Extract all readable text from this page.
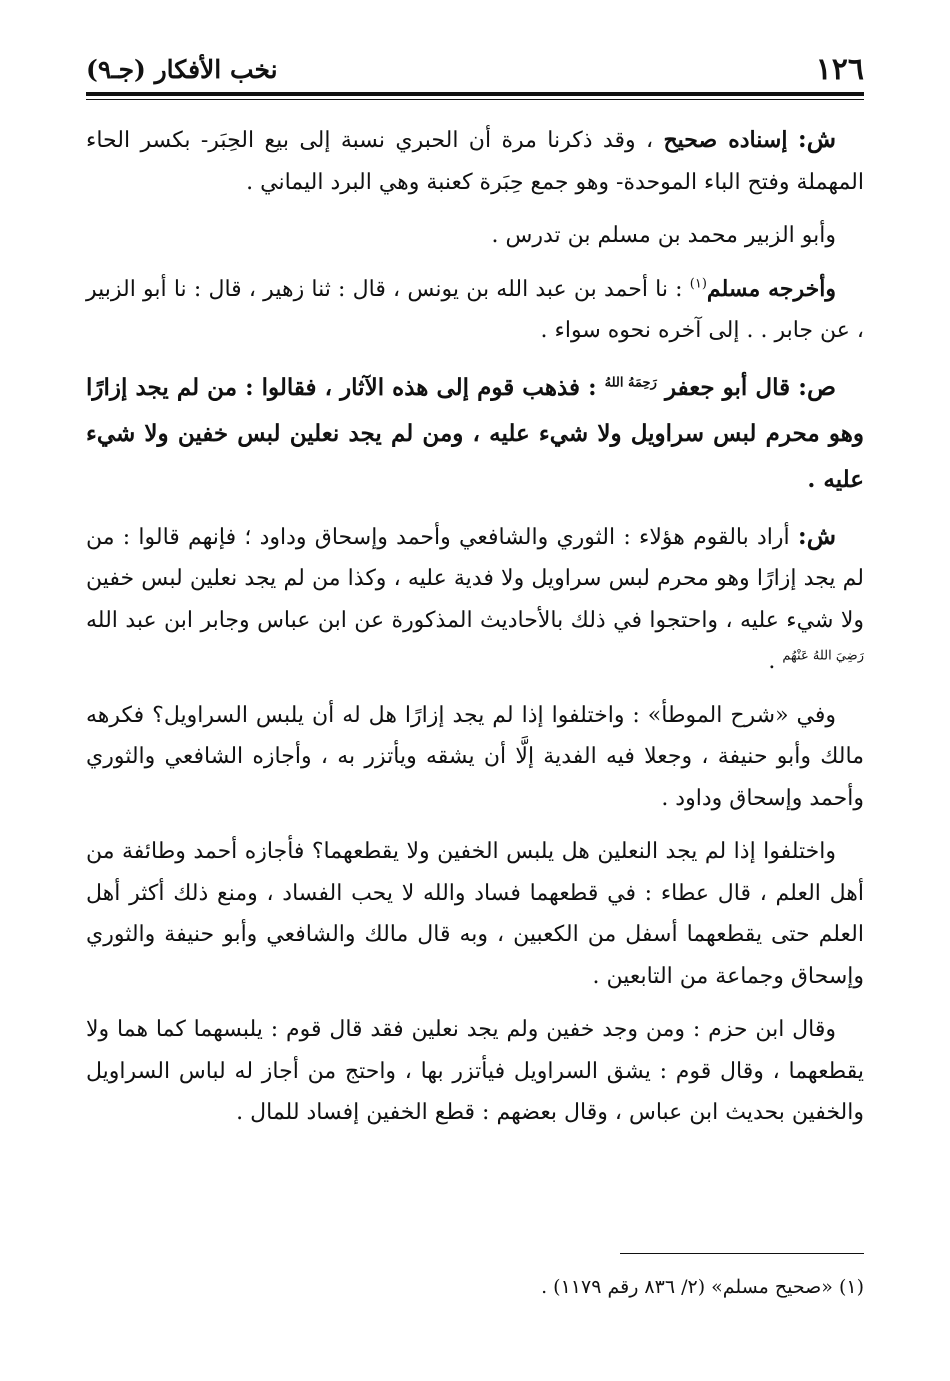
١٢٦
نخب الأفكار (جـ٩)

ش: إسناده صحيح ، وقد ذكرنا مرة أن الحبري نسبة إلى بيع الحِبَر- بكسر الحاء المهملة وفتح الباء الموحدة- وهو جمع حِبَرة كعنبة وهي البرد اليماني .

وأبو الزبير محمد بن مسلم بن تدرس .

وأخرجه مسلم$^{(١)}$ : نا أحمد بن عبد الله بن يونس ، قال : ثنا زهير ، قال : نا أبو الزبير ، عن جابر . . إلى آخره نحوه سواء .

ص: قال أبو جعفر $^{رَحِمَهُ اللهُ}$ : فذهب قوم إلى هذه الآثار ، فقالوا : من لم يجد إزارًا وهو محرم لبس سراويل ولا شيء عليه ، ومن لم يجد نعلين لبس خفين ولا شيء عليه .

ش: أراد بالقوم هؤلاء : الثوري والشافعي وأحمد وإسحاق وداود ؛ فإنهم قالوا : من لم يجد إزارًا وهو محرم لبس سراويل ولا فدية عليه ، وكذا من لم يجد نعلين لبس خفين ولا شيء عليه ، واحتجوا في ذلك بالأحاديث المذكورة عن ابن عباس وجابر ابن عبد الله $^{رَضِيَ اللهُ عَنْهُم}$ .

وفي «شرح الموطأ» : واختلفوا إذا لم يجد إزارًا هل له أن يلبس السراويل؟ فكرهه مالك وأبو حنيفة ، وجعلا فيه الفدية إلَّا أن يشقه ويأتزر به ، وأجازه الشافعي والثوري وأحمد وإسحاق وداود .

واختلفوا إذا لم يجد النعلين هل يلبس الخفين ولا يقطعهما؟ فأجازه أحمد وطائفة من أهل العلم ، قال عطاء : في قطعهما فساد والله لا يحب الفساد ، ومنع ذلك أكثر أهل العلم حتى يقطعهما أسفل من الكعبين ، وبه قال مالك والشافعي وأبو حنيفة والثوري وإسحاق وجماعة من التابعين .

وقال ابن حزم : ومن وجد خفين ولم يجد نعلين فقد قال قوم : يلبسهما كما هما ولا يقطعهما ، وقال قوم : يشق السراويل فيأتزر بها ، واحتج من أجاز له لباس السراويل والخفين بحديث ابن عباس ، وقال بعضهم : قطع الخفين إفساد للمال .

(١) «صحيح مسلم» (٢/ ٨٣٦ رقم ١١٧٩) .
